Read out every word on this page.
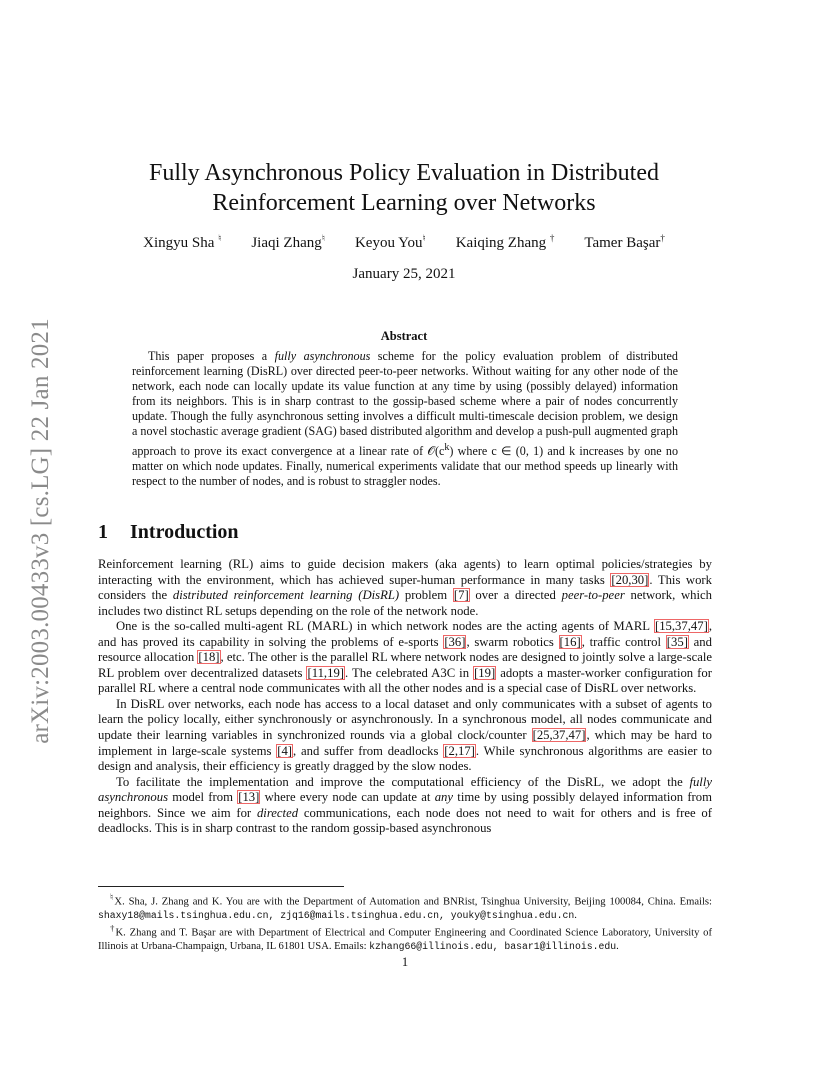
arXiv:2003.00433v3 [cs.LG] 22 Jan 2021
Fully Asynchronous Policy Evaluation in Distributed
Reinforcement Learning over Networks
Xingyu Sha ♮ Jiaqi Zhang♮ Keyou You♮ Kaiqing Zhang † Tamer Başar†
January 25, 2021
Abstract

This paper proposes a fully asynchronous scheme for the policy evaluation problem of distributed reinforcement learning (DisRL) over directed peer-to-peer networks. Without waiting for any other node of the network, each node can locally update its value function at any time by using (possibly delayed) information from its neighbors. This is in sharp contrast to the gossip-based scheme where a pair of nodes concurrently update. Though the fully asynchronous setting involves a difficult multi-timescale decision problem, we design a novel stochastic average gradient (SAG) based distributed algorithm and develop a push-pull augmented graph approach to prove its exact convergence at a linear rate of $𝒪(c^k)$ where c ∈ (0, 1) and k increases by one no matter on which node updates. Finally, numerical experiments validate that our method speeds up linearly with respect to the number of nodes, and is robust to straggler nodes.

1 Introduction

Reinforcement learning (RL) aims to guide decision makers (aka agents) to learn optimal policies/strategies by interacting with the environment, which has achieved super-human performance in many tasks [20,30]. This work considers the distributed reinforcement learning (DisRL) problem [7] over a directed peer-to-peer network, which includes two distinct RL setups depending on the role of the network node.

One is the so-called multi-agent RL (MARL) in which network nodes are the acting agents of MARL [15,37,47], and has proved its capability in solving the problems of e-sports [36], swarm robotics [16], traffic control [35] and resource allocation [18], etc. The other is the parallel RL where network nodes are designed to jointly solve a large-scale RL problem over decentralized datasets [11,19]. The celebrated A3C in [19] adopts a master-worker configuration for parallel RL where a central node communicates with all the other nodes and is a special case of DisRL over networks.

In DisRL over networks, each node has access to a local dataset and only communicates with a subset of agents to learn the policy locally, either synchronously or asynchronously. In a synchronous model, all nodes communicate and update their learning variables in synchronized rounds via a global clock/counter [25,37,47], which may be hard to implement in large-scale systems [4], and suffer from deadlocks [2,17]. While synchronous algorithms are easier to design and analysis, their efficiency is greatly dragged by the slow nodes.

To facilitate the implementation and improve the computational efficiency of the DisRL, we adopt the fully asynchronous model from [13] where every node can update at any time by using possibly delayed information from neighbors. Since we aim for directed communications, each node does not need to wait for others and is free of deadlocks. This is in sharp contrast to the random gossip-based asynchronous

♮X. Sha, J. Zhang and K. You are with the Department of Automation and BNRist, Tsinghua University, Beijing 100084, China. Emails: shaxy18@mails.tsinghua.edu.cn, zjq16@mails.tsinghua.edu.cn, youky@tsinghua.edu.cn.

†K. Zhang and T. Başar are with Department of Electrical and Computer Engineering and Coordinated Science Laboratory, University of Illinois at Urbana-Champaign, Urbana, IL 61801 USA. Emails: kzhang66@illinois.edu, basar1@illinois.edu.

1
